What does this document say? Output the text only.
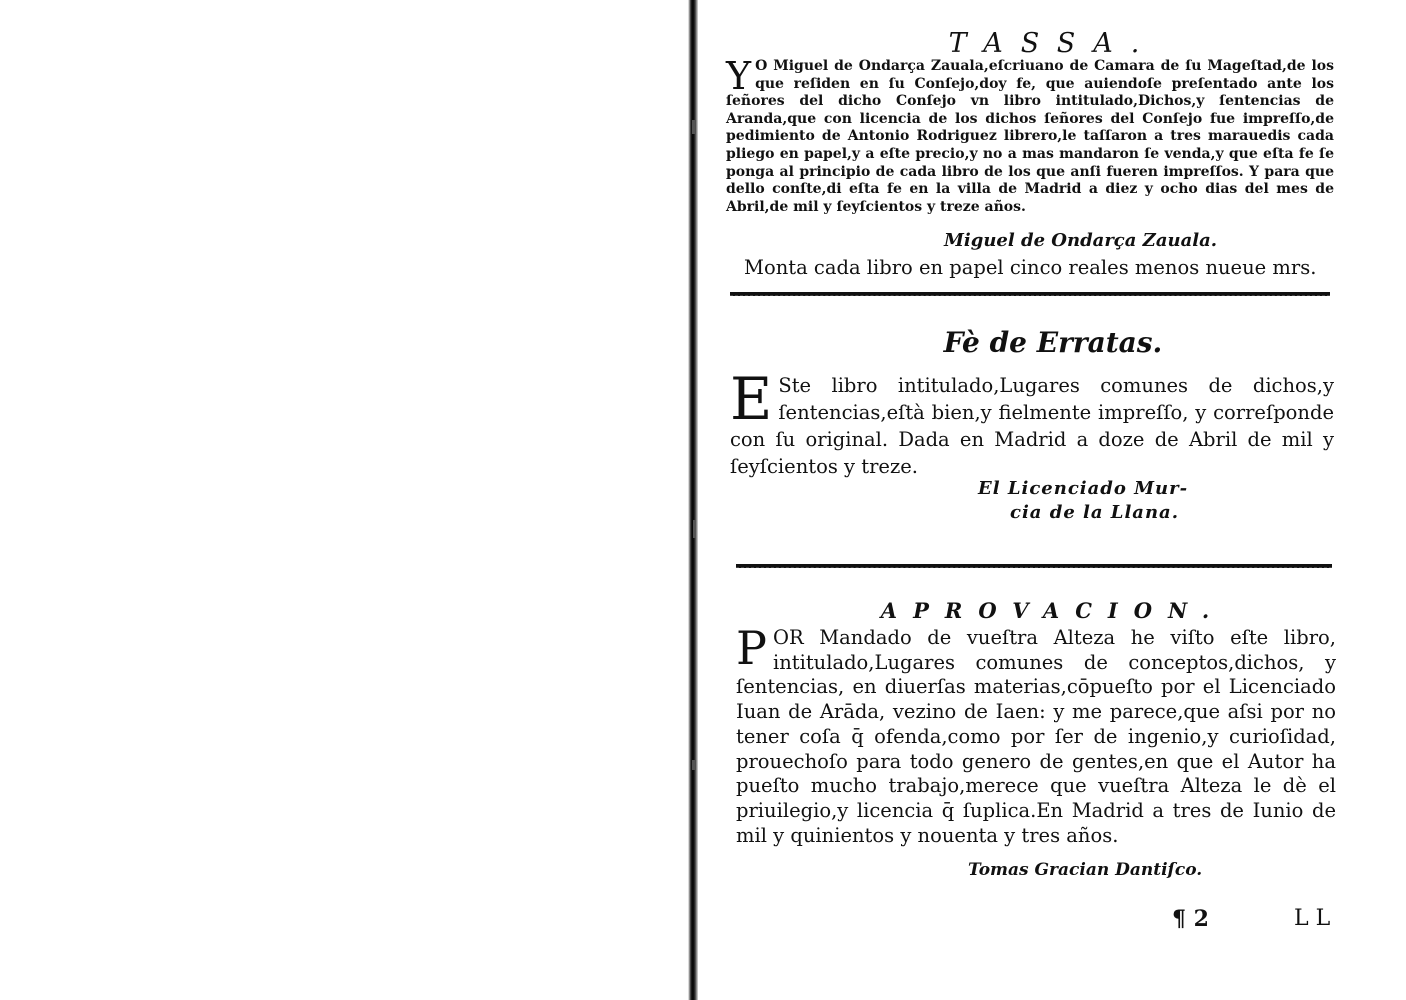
TASSA.
Y O Miguel de Ondarça Zauala,eſcriuano de Camara de ſu Mageſtad,de los que reſiden en ſu Conſejo,doy fe, que auiendoſe preſentado ante los ſeñores del dicho Conſejo vn libro intitulado,Dichos,y ſentencias de Aranda,que con licencia de los dichos ſeñores del Conſejo fue impreſſo,de pedimiento de Antonio Rodriguez librero,le taſſaron a tres marauedis cada pliego en papel,y a eſte precio,y no a mas mandaron ſe venda,y que eſta fe ſe ponga al principio de cada libro de los que anſi fueren impreſſos. Y para que dello conſte,di eſta fe en la villa de Madrid a diez y ocho dias del mes de Abril,de mil y ſeyſcientos y treze años.
Miguel de Ondarça Zauala.
Monta cada libro en papel cinco reales menos nueue mrs.
Fè de Erratas.
E Ste libro intitulado,Lugares comunes de dichos,y ſentencias,eſtà bien,y fielmente impreſſo, y correſponde con ſu original. Dada en Madrid a doze de Abril de mil y ſeyſcientos y treze.
El Licenciado Mur-
cia de la Llana.
APROVACION.
P OR Mandado de vueſtra Alteza he viſto eſte libro, intitulado,Lugares comunes de conceptos,dichos, y ſentencias, en diuerſas materias,cōpueſto por el Licenciado Iuan de Arāda, vezino de Iaen: y me parece,que aſsi por no tener coſa q̄ ofenda,como por ſer de ingenio,y curioſidad, prouechoſo para todo genero de gentes,en que el Autor ha pueſto mucho trabajo,merece que vueſtra Alteza le dè el priuilegio,y licencia q̄ ſuplica.En Madrid a tres de Iunio de mil y quinientos y nouenta y tres años.
Tomas Gracian Dantiſco.
¶ 2	L L
